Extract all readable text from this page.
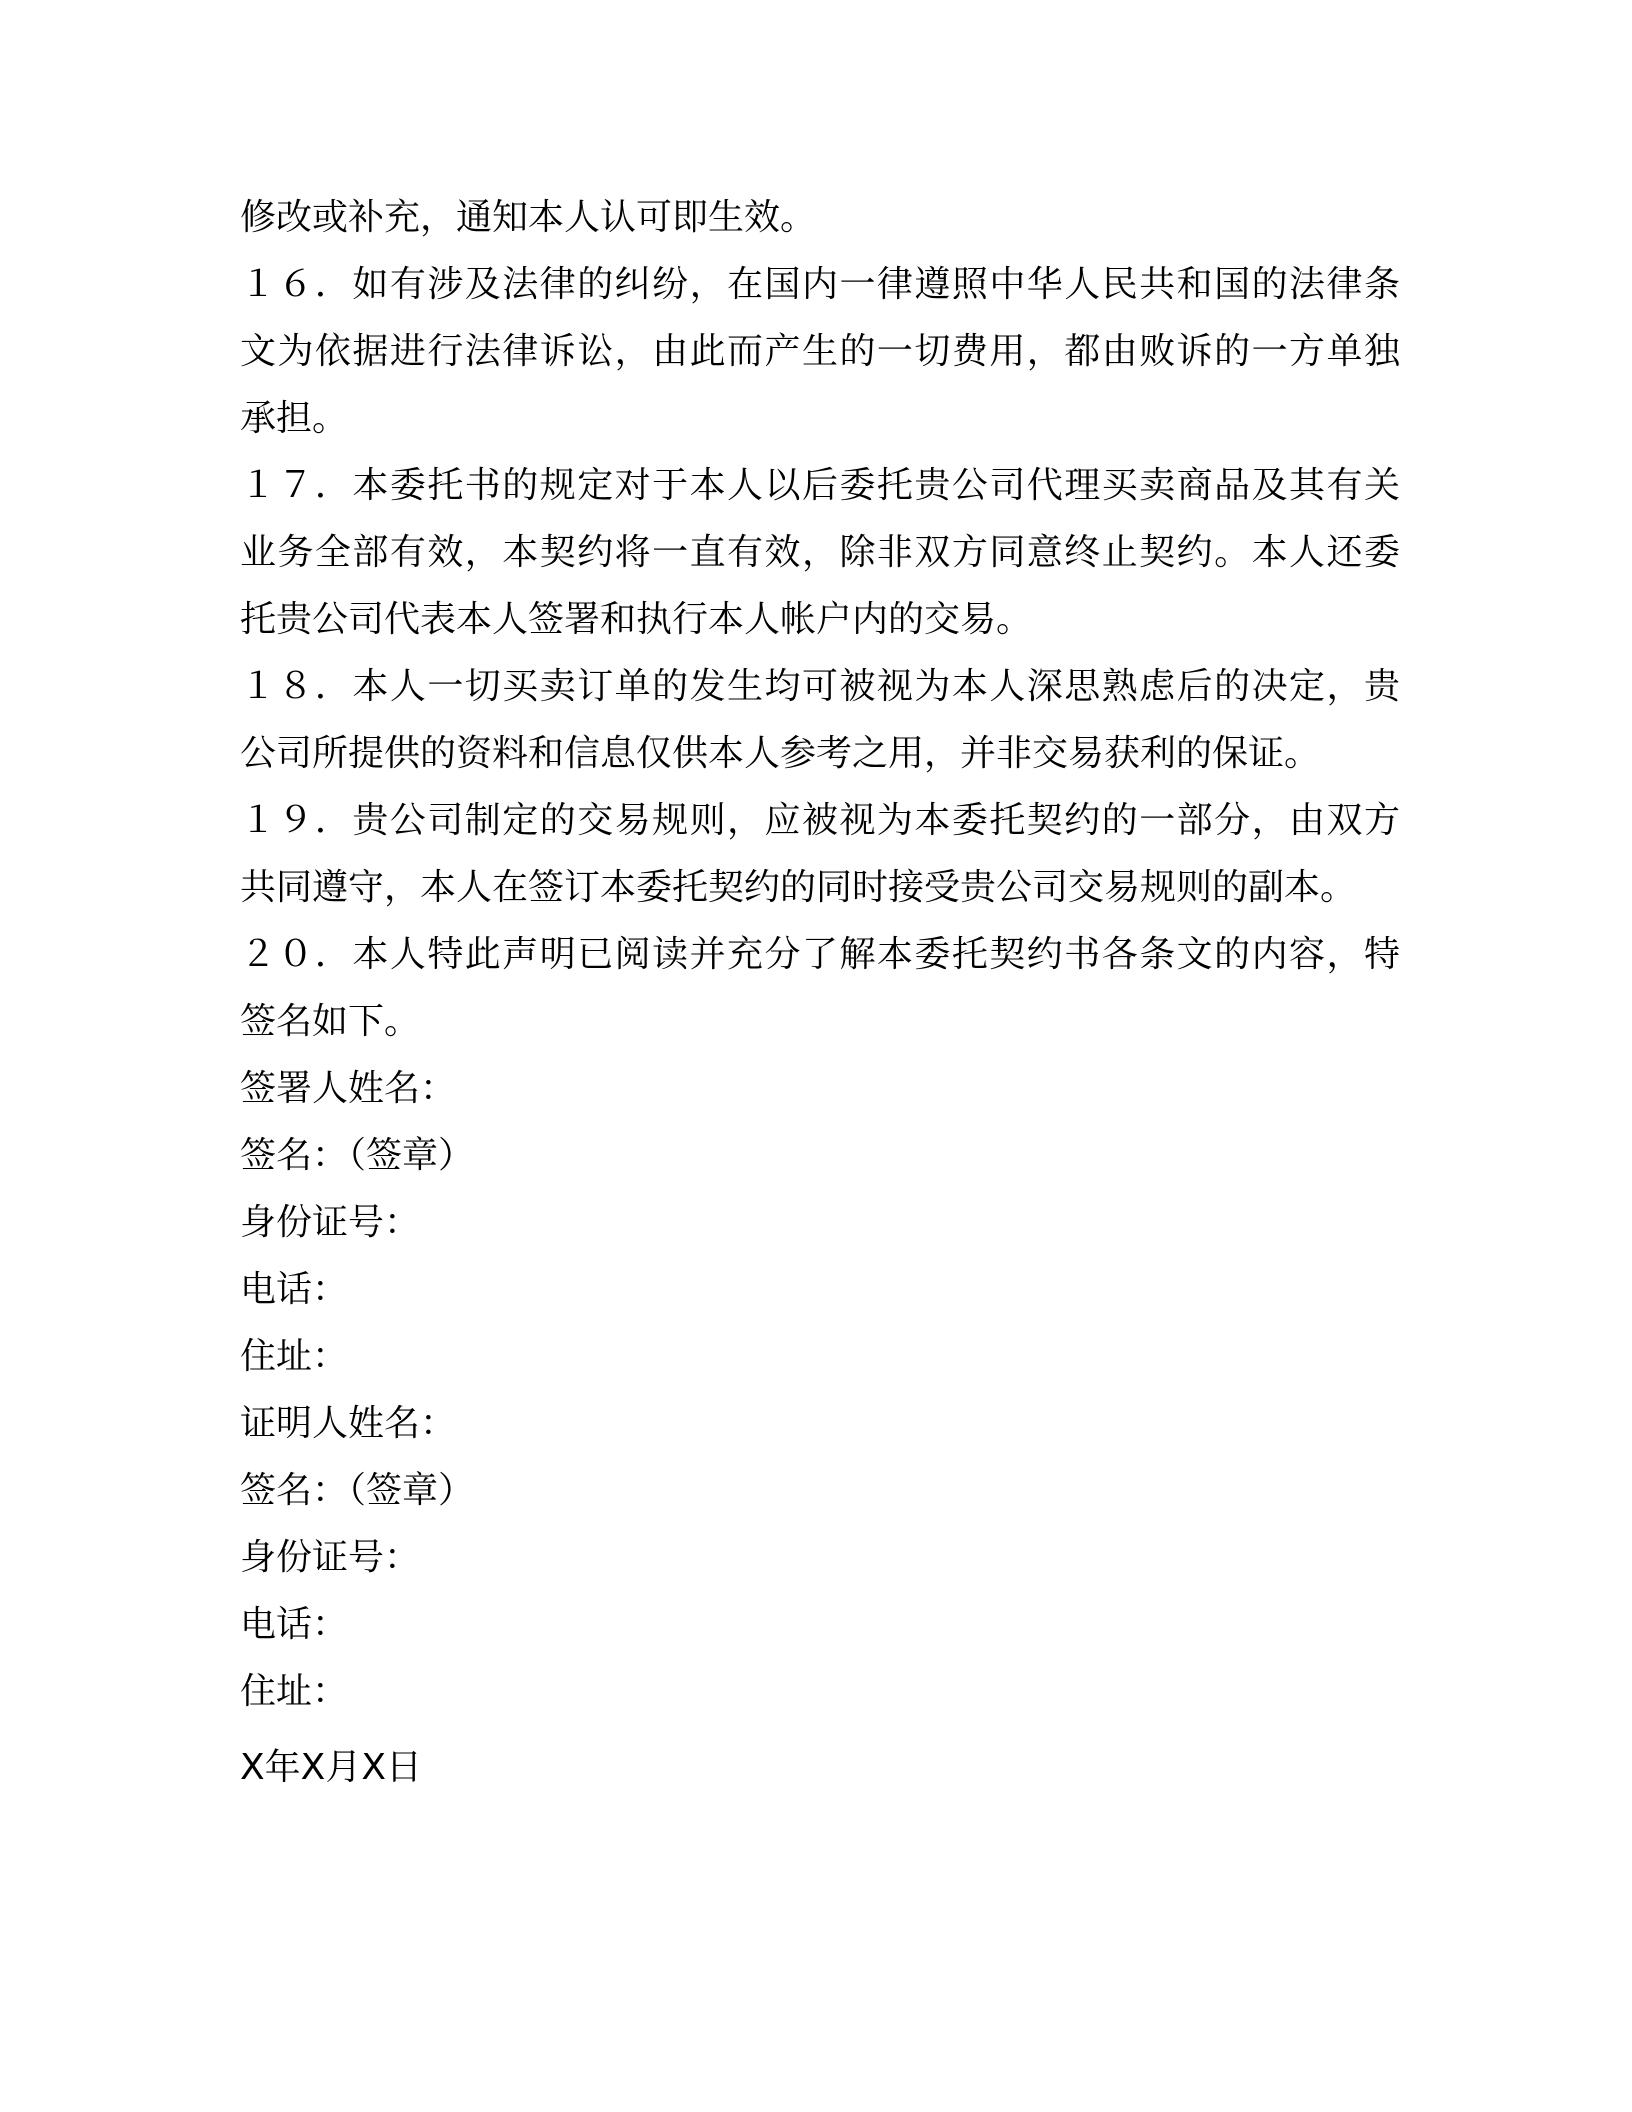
修改或补充，通知本人认可即生效。
１６．如有涉及法律的纠纷，在国内一律遵照中华人民共和国的法律条
文为依据进行法律诉讼，由此而产生的一切费用，都由败诉的一方单独
承担。
１７．本委托书的规定对于本人以后委托贵公司代理买卖商品及其有关
业务全部有效，本契约将一直有效，除非双方同意终止契约。本人还委
托贵公司代表本人签署和执行本人帐户内的交易。
１８．本人一切买卖订单的发生均可被视为本人深思熟虑后的决定，贵
公司所提供的资料和信息仅供本人参考之用，并非交易获利的保证。
１９．贵公司制定的交易规则，应被视为本委托契约的一部分，由双方
共同遵守，本人在签订本委托契约的同时接受贵公司交易规则的副本。
２０．本人特此声明已阅读并充分了解本委托契约书各条文的内容，特
签名如下。
签署人姓名：
签名：（签章）
身份证号：
电话：
住址：
证明人姓名：
签名：（签章）
身份证号：
电话：
住址：
X年X月X日
